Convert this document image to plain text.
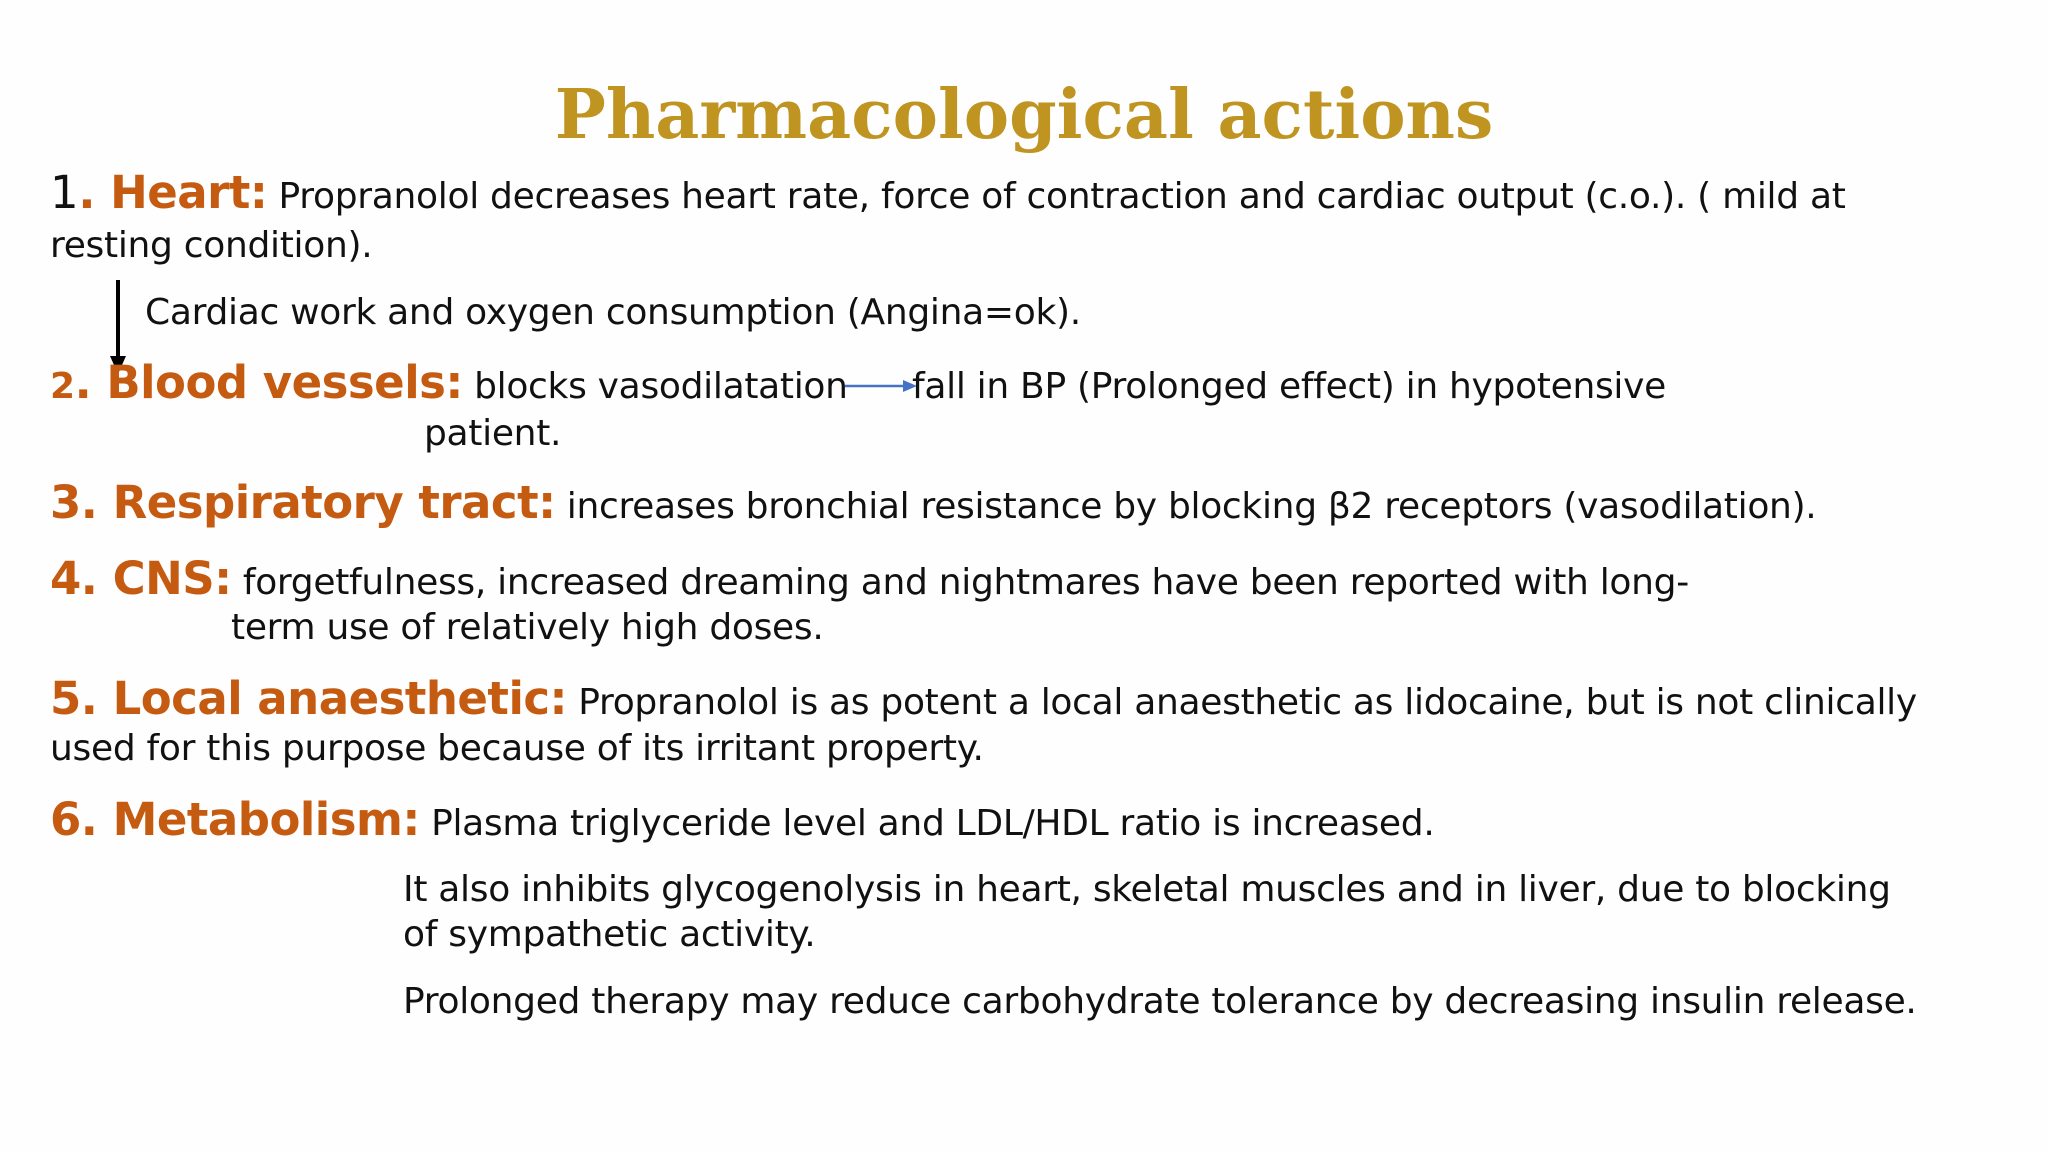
Pharmacological actions
1. Heart: Propranolol decreases heart rate, force of contraction and cardiac output (c.o.). ( mild at
resting condition).
Cardiac work and oxygen consumption (Angina=ok).
2. Blood vessels: blocks vasodilatation fall in BP (Prolonged effect) in hypotensive
patient.
3. Respiratory tract: increases bronchial resistance by blocking β2 receptors (vasodilation).
4. CNS: forgetfulness, increased dreaming and nightmares have been reported with long-
term use of relatively high doses.
5. Local anaesthetic: Propranolol is as potent a local anaesthetic as lidocaine, but is not clinically
used for this purpose because of its irritant property.
6. Metabolism: Plasma triglyceride level and LDL/HDL ratio is increased.
It also inhibits glycogenolysis in heart, skeletal muscles and in liver, due to blocking
of sympathetic activity.
Prolonged therapy may reduce carbohydrate tolerance by decreasing insulin release.
